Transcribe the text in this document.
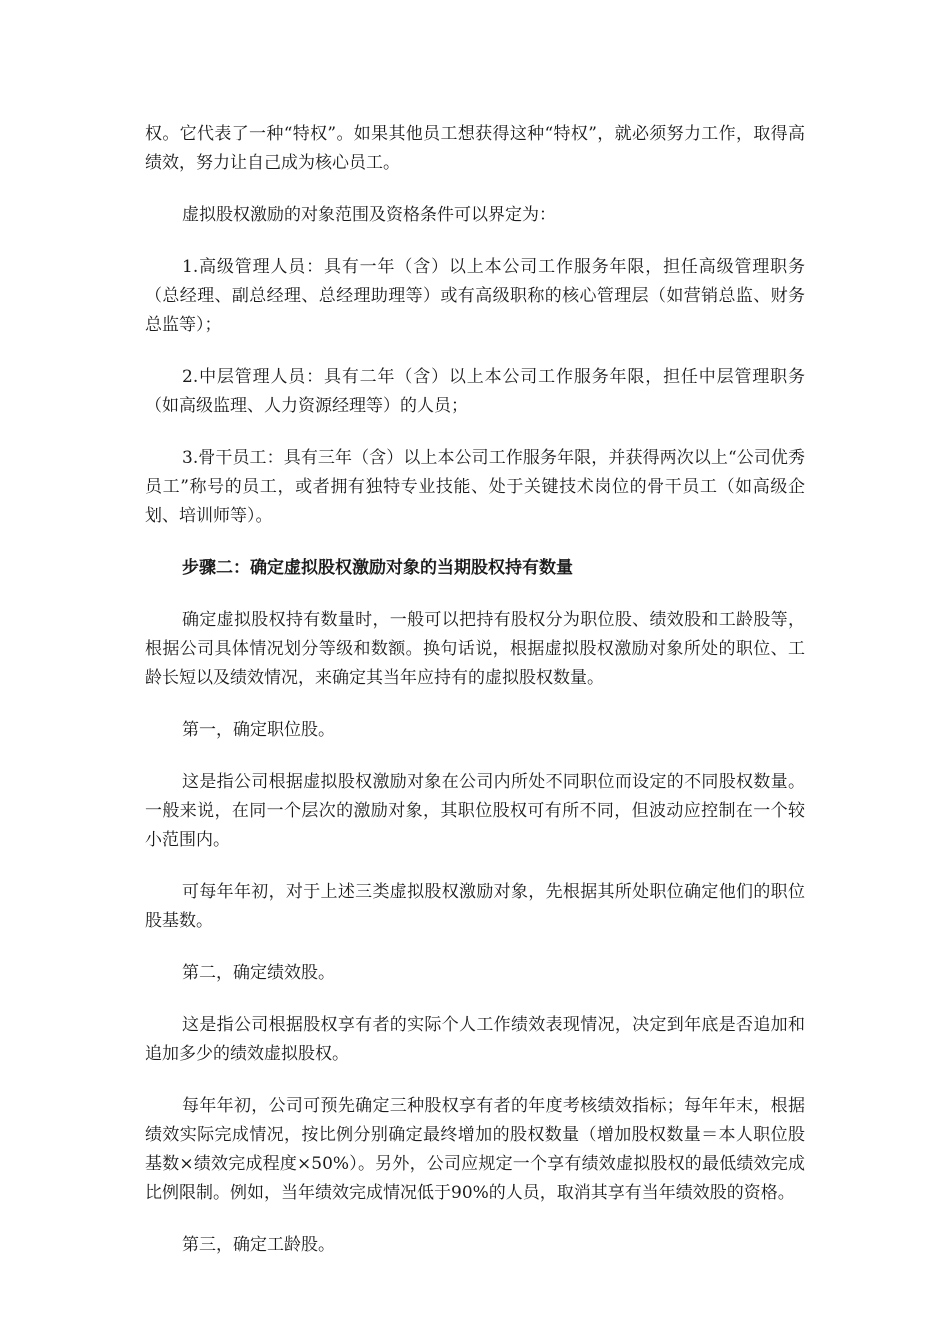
权。它代表了一种“特权”。如果其他员工想获得这种“特权”，就必须努力工作，取得高绩效，努力让自己成为核心员工。

虚拟股权激励的对象范围及资格条件可以界定为：

1.高级管理人员：具有一年（含）以上本公司工作服务年限，担任高级管理职务（总经理、副总经理、总经理助理等）或有高级职称的核心管理层（如营销总监、财务总监等）；

2.中层管理人员：具有二年（含）以上本公司工作服务年限，担任中层管理职务（如高级监理、人力资源经理等）的人员；

3.骨干员工：具有三年（含）以上本公司工作服务年限，并获得两次以上“公司优秀员工”称号的员工，或者拥有独特专业技能、处于关键技术岗位的骨干员工（如高级企划、培训师等）。

步骤二：确定虚拟股权激励对象的当期股权持有数量

确定虚拟股权持有数量时，一般可以把持有股权分为职位股、绩效股和工龄股等，根据公司具体情况划分等级和数额。换句话说，根据虚拟股权激励对象所处的职位、工龄长短以及绩效情况，来确定其当年应持有的虚拟股权数量。

第一，确定职位股。

这是指公司根据虚拟股权激励对象在公司内所处不同职位而设定的不同股权数量。一般来说，在同一个层次的激励对象，其职位股权可有所不同，但波动应控制在一个较小范围内。

可每年年初，对于上述三类虚拟股权激励对象，先根据其所处职位确定他们的职位股基数。

第二，确定绩效股。

这是指公司根据股权享有者的实际个人工作绩效表现情况，决定到年底是否追加和追加多少的绩效虚拟股权。

每年年初，公司可预先确定三种股权享有者的年度考核绩效指标；每年年末，根据绩效实际完成情况，按比例分别确定最终增加的股权数量（增加股权数量＝本人职位股基数×绩效完成程度×50%）。另外，公司应规定一个享有绩效虚拟股权的最低绩效完成比例限制。例如，当年绩效完成情况低于90%的人员，取消其享有当年绩效股的资格。

第三，确定工龄股。
